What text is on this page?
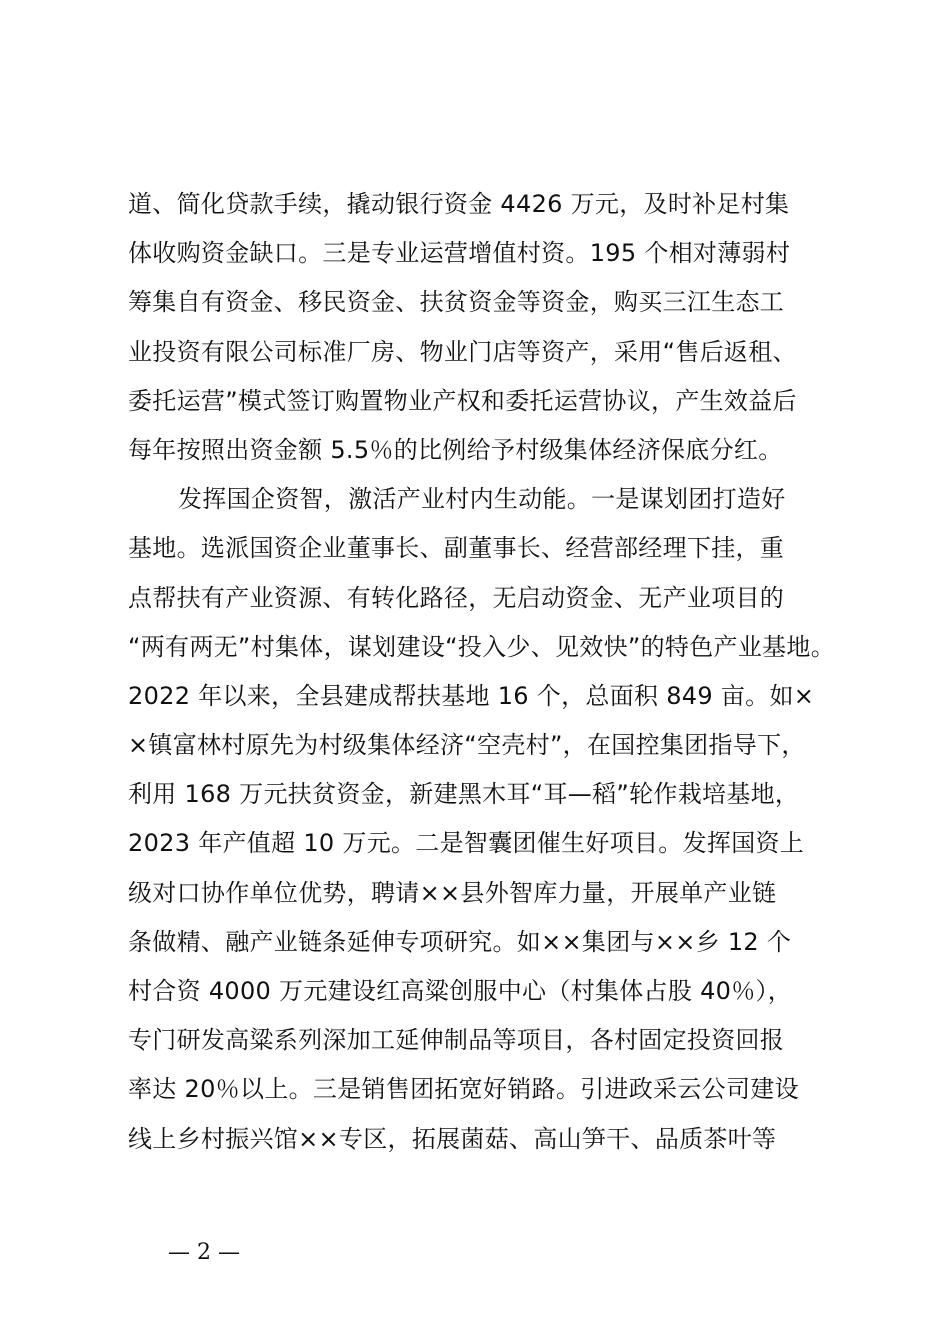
道、简化贷款手续，撬动银行资金 4426 万元，及时补足村集
体收购资金缺口。三是专业运营增值村资。195 个相对薄弱村
筹集自有资金、移民资金、扶贫资金等资金，购买三江生态工
业投资有限公司标准厂房、物业门店等资产，采用“售后返租、
委托运营”模式签订购置物业产权和委托运营协议，产生效益后
每年按照出资金额 5.5％的比例给予村级集体经济保底分红。
发挥国企资智，激活产业村内生动能。一是谋划团打造好
基地。选派国资企业董事长、副董事长、经营部经理下挂，重
点帮扶有产业资源、有转化路径，无启动资金、无产业项目的
“两有两无”村集体，谋划建设“投入少、见效快”的特色产业基地。
2022 年以来，全县建成帮扶基地 16 个，总面积 849 亩。如×
×镇富林村原先为村级集体经济“空壳村”，在国控集团指导下，
利用 168 万元扶贫资金，新建黑木耳“耳—稻”轮作栽培基地，
2023 年产值超 10 万元。二是智囊团催生好项目。发挥国资上
级对口协作单位优势，聘请××县外智库力量，开展单产业链
条做精、融产业链条延伸专项研究。如××集团与××乡 12 个
村合资 4000 万元建设红高粱创服中心（村集体占股 40％），
专门研发高粱系列深加工延伸制品等项目，各村固定投资回报
率达 20％以上。三是销售团拓宽好销路。引进政采云公司建设
线上乡村振兴馆××专区，拓展菌菇、高山笋干、品质茶叶等
— 2 —
